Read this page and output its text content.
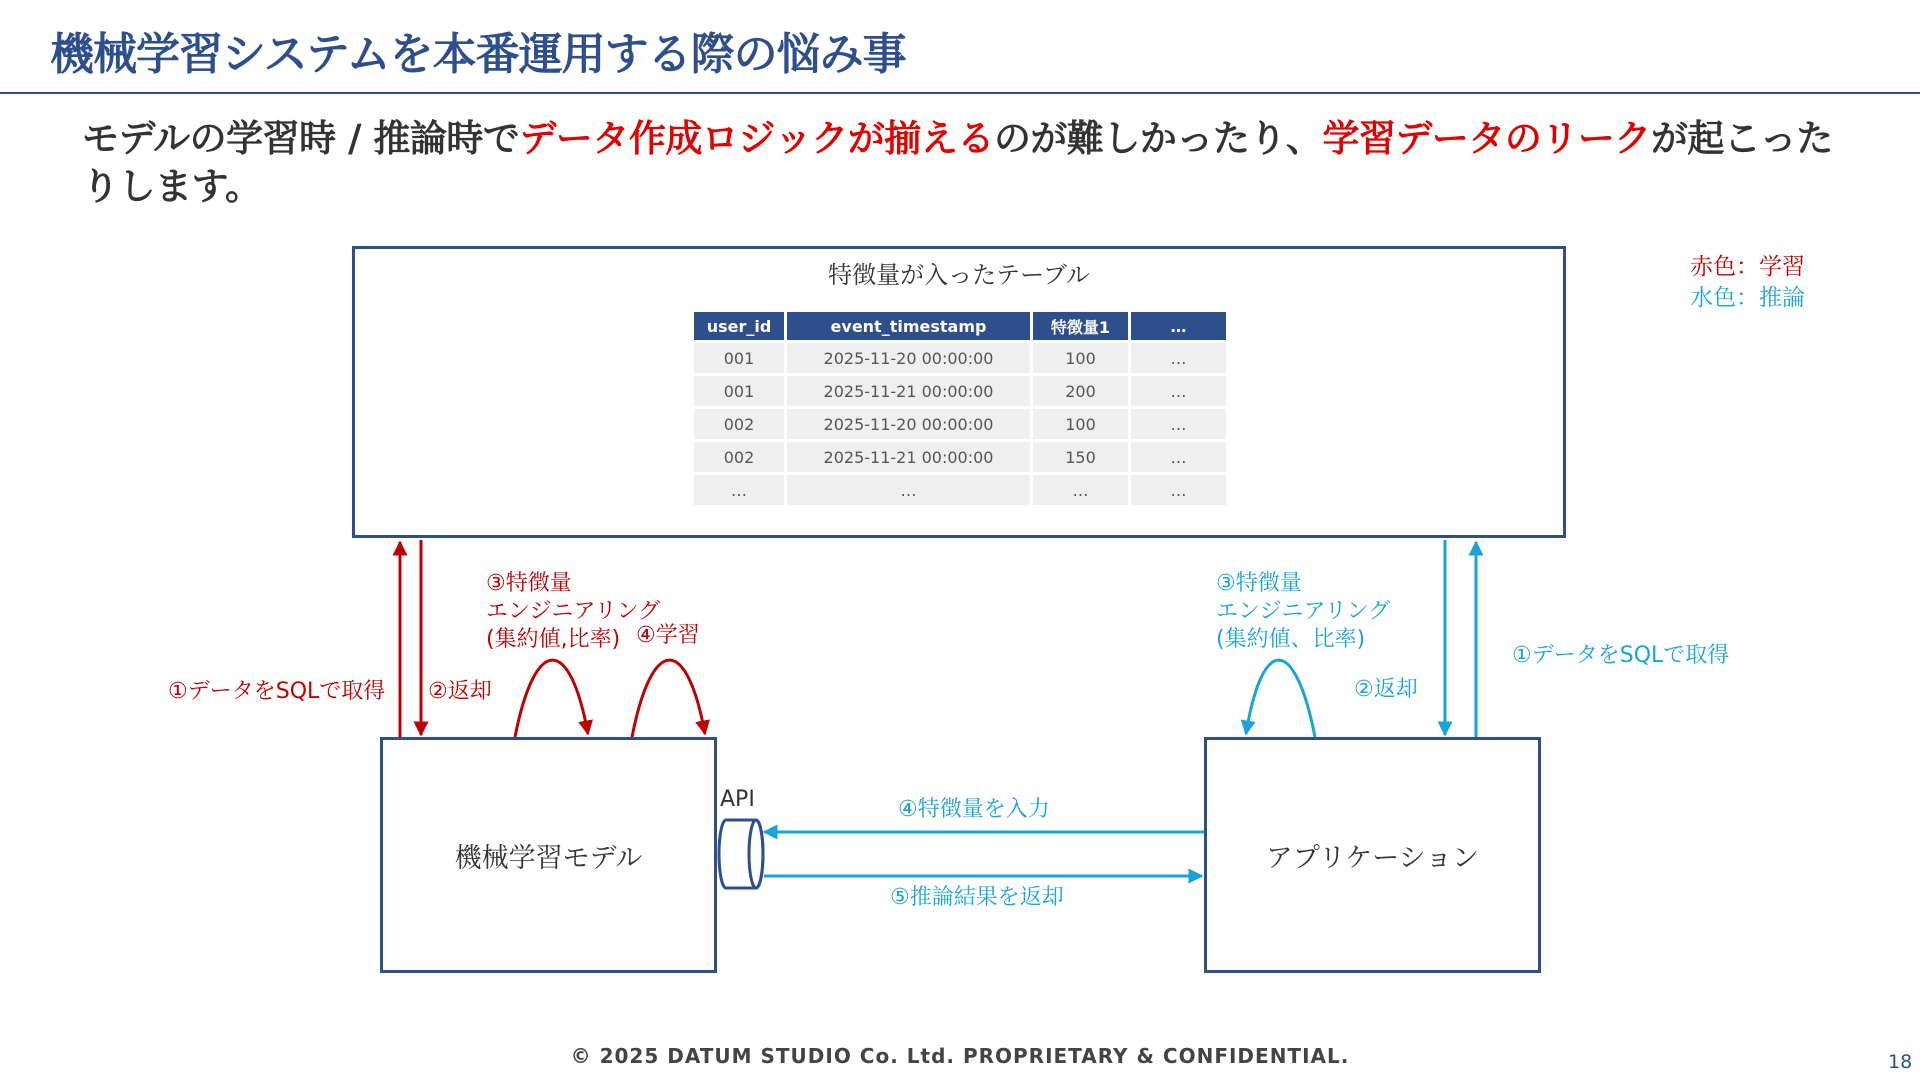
機械学習システムを本番運用する際の悩み事
モデルの学習時 / 推論時でデータ作成ロジックが揃えるのが難しかったり、学習データのリークが起こったりします。
赤色：学習
水色：推論
特徴量が入ったテーブル
user_id	event_timestamp	特徴量1	…
001	2025-11-20 00:00:00	100	…
001	2025-11-21 00:00:00	200	…
002	2025-11-20 00:00:00	100	…
002	2025-11-21 00:00:00	150	…
…	…	…	…
機械学習モデル	アプリケーション
①データをSQLで取得 ②返却
③特徴量
エンジニアリング
(集約値,比率) ④学習
③特徴量
エンジニアリング
(集約値、比率)
②返却
①データをSQLで取得
④特徴量を入力
⑤推論結果を返却
API
© 2025 DATUM STUDIO Co. Ltd. PROPRIETARY & CONFIDENTIAL.	18
